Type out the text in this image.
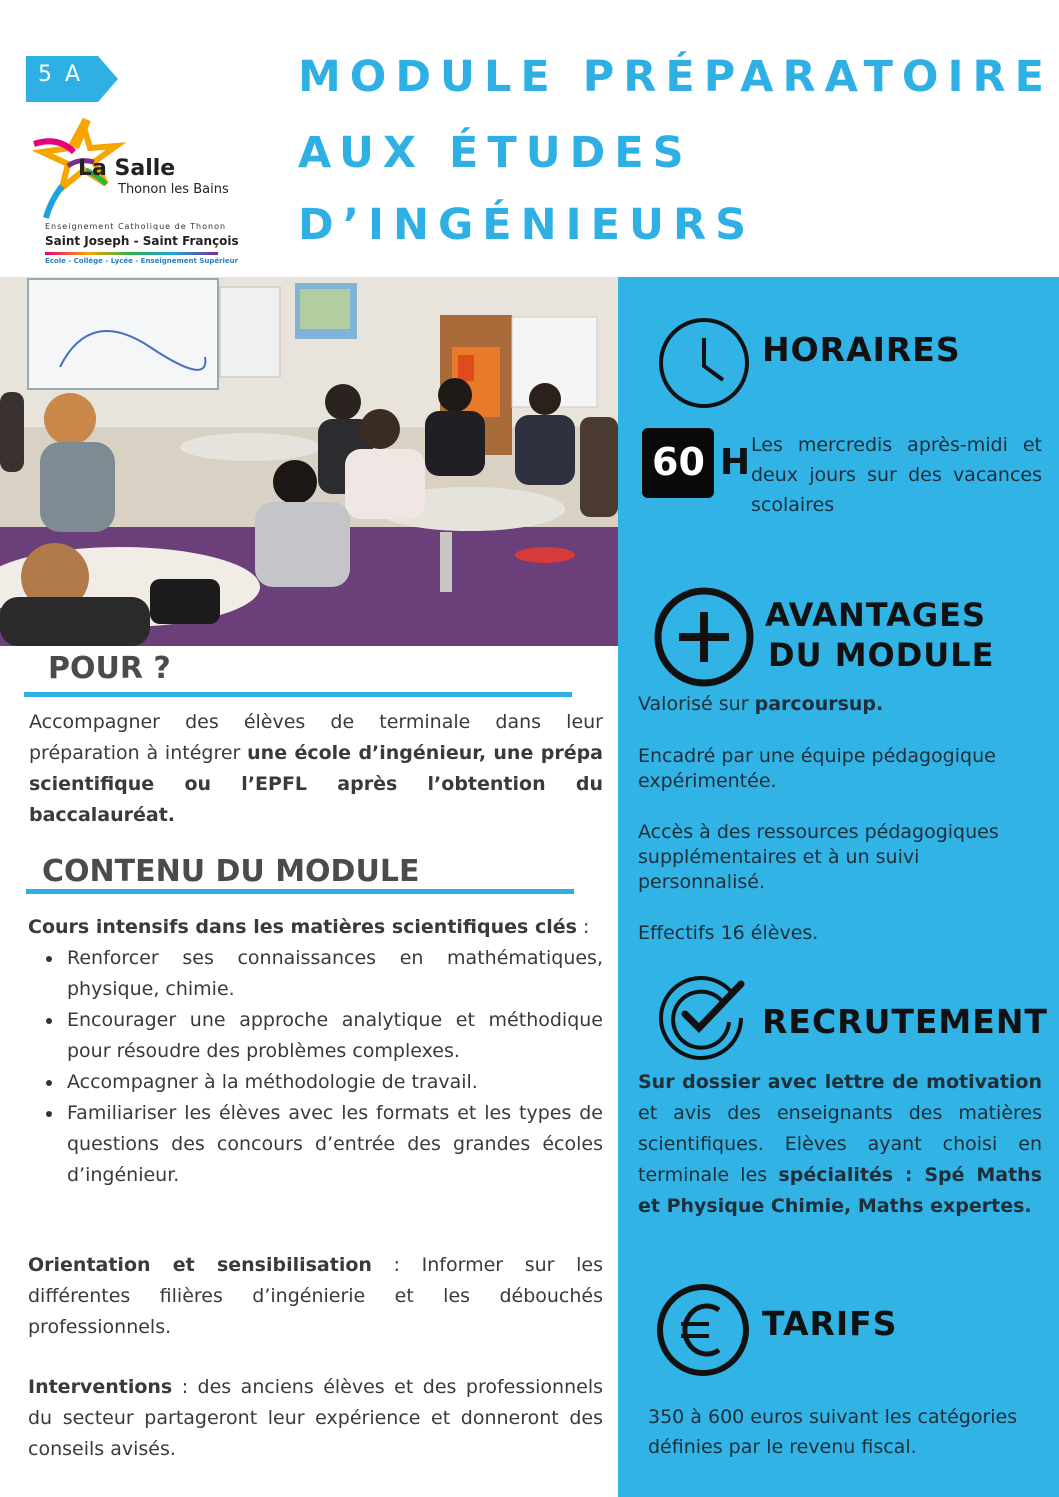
5 A
La Salle
Thonon les Bains
Enseignement Catholique de Thonon
Saint Joseph - Saint François
Ecole - Collège - Lycée - Enseignement Supérieur
MODULE PRÉPARATOIRE
AUX ÉTUDES
D’INGÉNIEURS
HORAIRES
60 H Les mercredis après-midi et deux jours sur des vacances scolaires
AVANTAGES
DU MODULE
Valorisé sur parcoursup.
Encadré par une équipe pédagogique expérimentée.
Accès à des ressources pédagogiques supplémentaires et à un suivi personnalisé.
Effectifs 16 élèves.
RECRUTEMENT
Sur dossier avec lettre de motivation et avis des enseignants des matières scientifiques. Elèves ayant choisi en terminale les spécialités : Spé Maths et Physique Chimie, Maths expertes.
TARIFS
350 à 600 euros suivant les catégories définies par le revenu fiscal.
POUR ?
Accompagner des élèves de terminale dans leur préparation à intégrer une école d’ingénieur, une prépa scientifique ou l’EPFL après l’obtention du baccalauréat.
CONTENU DU MODULE
Cours intensifs dans les matières scientifiques clés :
Renforcer ses connaissances en mathématiques, physique, chimie.
Encourager une approche analytique et méthodique pour résoudre des problèmes complexes.
Accompagner à la méthodologie de travail.
Familiariser les élèves avec les formats et les types de questions des concours d’entrée des grandes écoles d’ingénieur.
Orientation et sensibilisation : Informer sur les différentes filières d’ingénierie et les débouchés professionnels.
Interventions : des anciens élèves et des professionnels du secteur partageront leur expérience et donneront des conseils avisés.
